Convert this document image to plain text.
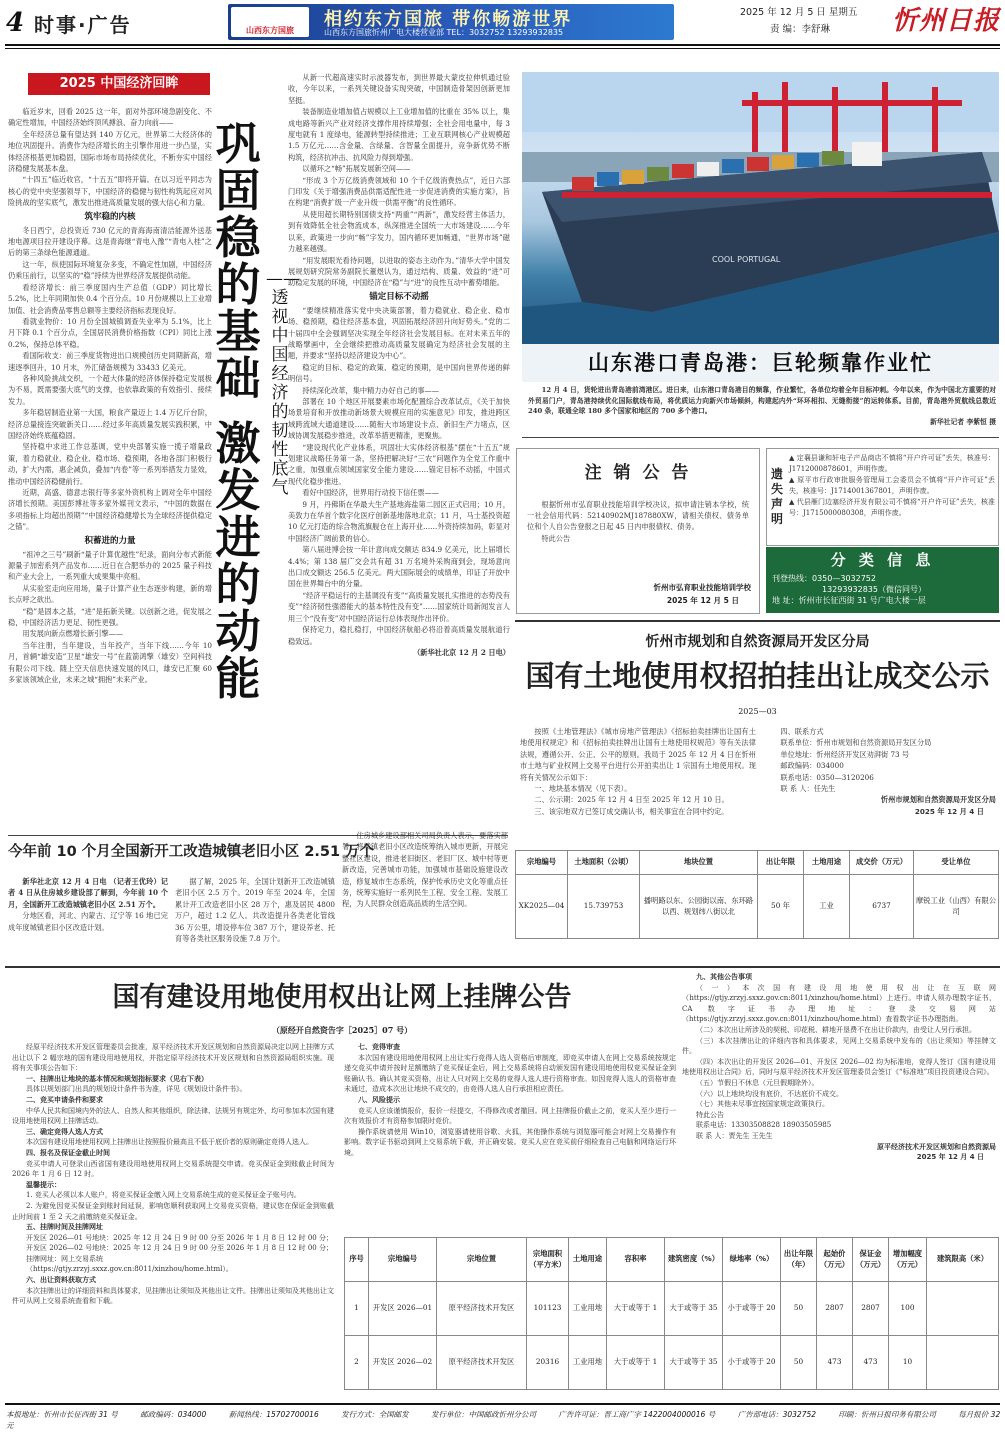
4 时事·广告	山西东方国旅
相约东方国旅 带你畅游世界
山西东方国旅忻州广电大楼营业部 TEL：3032752 13293932835
2025 年 12 月 5 日 星期五
责 编：李舒琳 忻州日报
2025 中国经济回眸
巩固稳的基础
激发进的动能
——透视中国经济的韧性底气

临近岁末，回看 2025 这一年，面对外部环境急剧变化、不确定性增加，中国经济始终顶风搏浪、奋力向前——

全年经济总量有望达到 140 万亿元，世界第二大经济体的地位巩固提升。消费作为经济增长的主引擎作用进一步凸显，实体经济根基更加稳固，国际市场布局持续优化，不断夯实中国经济稳健发展基本盘。

“十四五”临近收官，“十五五”即将开篇。在以习近平同志为核心的党中央坚强领导下，中国经济的稳健与韧性构筑起应对风险挑战的坚实底气，激发出推进高质量发展的强大信心和力量。

筑牢稳的内核

冬日西宁，总投资近 730 亿元的青海海南清洁能源外送基地电源项目拉开建设序幕。这是青海继“青电入豫”“青电入桂”之后的第三条绿色能源通道。

这一年，纵使国际环境复杂多变，不确定性加剧，中国经济仍乘压前行，以坚实的“稳”持续为世界经济发展提供动能。

看经济增长：前三季度国内生产总值（GDP）同比增长 5.2%，比上年同期加快 0.4 个百分点。10 月份规模以上工业增加值、社会消费品零售总额等主要经济指标表现良好。

看就业物价：10 月份全国城镇调查失业率为 5.1%，比上月下降 0.1 个百分点，全国居民消费价格指数（CPI）同比上涨 0.2%，保持总体平稳。

看国际收支：前三季度货物进出口规模创历史同期新高，增速逐季回升，10 月末，外汇储备规模为 33433 亿美元。

各种风险挑战交织，一个超大体量的经济体保持稳定发展极为不易，既需要强大底气的支撑，也依靠政策的有效指引、接续发力。

多年稳居制造业第一大国，粮食产量迈上 1.4 万亿斤台阶，经济总量接连突破新关口……经过多年高质量发展实践积累，中国经济始终底蕴稳固。

坚持稳中求进工作总基调，党中央部署实施一揽子增量政策，着力稳就业、稳企业、稳市场、稳预期，各地各部门积极行动，扩大内需，惠企减负，叠加“内卷”等一系列举措发力显效，推动中国经济稳健前行。

近期，高盛、德意志银行等多家外资机构上调对全年中国经济增长预期。美国彭博社等多家外媒刊文表示，“中国的数据在多项指标上均超出预期”“中国经济稳健增长为全球经济提供稳定之锚”。

积蓄进的力量

“祖冲之三号”刷新“量子计算优越性”纪录，面向分布式新能源量子加密系列产品发布……近日在合肥举办的 2025 量子科技和产业大会上，一系列重大成果集中亮相。

从实验室走向应用场，量子计算产业生态逐步构建，新的增长点呼之欲出。

“稳”是固本之基，“进”是拓新关键。以创新之进，促发展之稳，中国经济活力更足、韧性更强。

用发展向新点燃增长新引擎——

当年注册，当年建设，当年投产，当年下线……今年 10 月，首辆“雄安造”卫星“雄安一号”在蓝箭鸿擎（雄安）空间科技有限公司下线。随上空天信息快速发展的风口，雄安已汇聚 60 多家该领域企业，未来之城“拥抱”未来产业。

从新一代超高速实时示波器发布，到世界最大蒙皮拉伸机通过验收，今年以来，一系列关键设备实现突破，中国制造骨架因创新更加坚挺。

装备制造业增加值占规模以上工业增加值的比重在 35% 以上，集成电路等新兴产业对经济支撑作用持续增强；全社会用电量中，每 3 度电就有 1 度绿电，能源转型持续推进；工业互联网核心产业规模超 1.5 万亿元……含金量、含绿量、含智量全面提升，竞争新优势不断构筑，经济抗冲击、抗风险力得到增强。

以循环之“畅”拓展发展新空间——

“形成 3 个万亿级消费领域和 10 个千亿级消费热点”，近日六部门印发《关于增强消费品供需适配性进一步促进消费的实施方案》，旨在构建“消费扩级一产业升级一供需平衡”的良性循环。

从使用超长期特别国债支持“两重”“两新”，激发经营主体活力，到有效降低全社会物流成本，纵深推进全国统一大市场建设……今年以来，政策进一步向“畅”字发力，国内循环更加畅通，“世界市场”磁力越来越强。

“用发展眼光看待问题，以进取的姿态主动作为。”清华大学中国发展规划研究院常务副院长董煜认为，通过结构、质量、效益的“进”可助稳定发展的环境，中国经济在“稳”与“进”的良性互动中蓄势增能。

锚定目标不动摇

“要继续精准落实党中央决策部署，着力稳就业、稳企业、稳市场、稳预期，稳住经济基本盘，巩固拓展经济回升向好势头。”党的二十届四中全会强调坚决实现全年经济社会发展目标。在对未来五年的战略擘画中，全会继续把推动高质量发展确定为经济社会发展的主题，并要求“坚持以经济建设为中心”。

稳定的目标、稳定的政策、稳定的预期，是中国向世界传递的鲜明信号。

持续深化改革，集中精力办好自己的事——

部署在 10 个地区开展要素市场化配置综合改革试点，《关于加快场景培育和开放推动新场景大规模应用的实施意见》印发，推进跨区域跨流域大通道建设……随衔大市场建设卡点、新旧生产力堵点，区域协调发展稳步推进，改革举措更精准，更聚焦。

“建设现代化产业体系，巩固壮大实体经济根基”摆在“十五五”规划建议战略任务第一条，坚持把解决好“三农”问题作为全党工作重中之重，加强重点领域国家安全能力建设……锚定目标不动摇，中国式现代化稳步推进。

看好中国经济，世界用行动投下信任票——

9 月，丹佛斯在华最大生产基地海盐第二园区正式启用；10 月，美敦力在华首个数字化医疗创新基地落地北京；11 月，马士基投资超 10 亿元打造的综合物流旗舰仓在上海开业……外资持续加码，彰显对中国经济广阔前景的信心。

第八届进博会按一年计意向成交额达 834.9 亿美元，比上届增长 4.4%；第 138 届广交会共有超 31 万名境外采购商到会，现场意向出口成交额达 256.5 亿美元。两大国际展会的成绩单，印证了开放中国在世界舞台中的分量。

“经济平稳运行的主基调没有变”“高质量发展扎实推进的态势没有变”“经济韧性强潜能大的基本特性没有变”……国家统计局新闻发言人用三个“没有变”对中国经济运行总体表现作出评价。

保持定力，稳扎稳打，中国经济航船必将沿着高质量发展航道行稳致远。

（新华社北京 12 月 2 日电）
COOL PORTUGAL
山东港口青岛港：巨轮频靠作业忙

12 月 4 日，货轮进出青岛港前湾港区。进日来，山东港口青岛港目的频靠，作业繁忙，各单位均着全年目标冲刺。今年以来，作为中国北方重要的对外贸易门户，青岛港持续优化国际航线布局，将优质运力向新兴市场倾斜，构建起内外“环环相扣、无缝衔接”的运转体系。目前，青岛港外贸航线总数近 240 条，联通全球 180 多个国家和地区的 700 多个港口。

新华社记者 李紫恒 摄
注 销 公 告

根据忻州市弘育职业技能培训学校决议，拟申请注销本学校，统一社会信用代码：52140902MJ187880XW，请相关债权、债务单位和个人自公告登报之日起 45 日内申报债权、债务。

特此公告

忻州市弘育职业技能培训学校
2025 年 12 月 5 日
遗失声明

▲ 定襄县谦和轩电子产品商店不慎将“开户许可证”丢失，核准号：J1712000878601，声明作废。

▲ 原平市行政审批服务管理局工会委员会不慎将“开户许可证”丢失，核准号：J1714001367801，声明作废。

▲ 代县雁门边塞经济开发有限公司不慎将“开户许可证”丢失，核准号：J1715000080308，声明作废。

分 类 信 息
刊登热线：0350—3032752
13293932835（微信同号）
地 址：忻州市长征西街 31 号广电大楼一层
忻州市规划和自然资源局开发区分局
国有土地使用权招拍挂出让成交公示
2025—03

按照《土地管理法》《城市房地产管理法》《招标拍卖挂牌出让国有土地使用权规定》和《招标拍卖挂牌出让国有土地使用权规范》等有关法律法规，遵循公开、公正、公平的原则。我局于 2025 年 12 月 4 日在忻州市土地与矿业权网上交易平台进行公开拍卖出让 1 宗国有土地使用权。现将有关情况公示如下：

一、地块基本情况（见下表）。

二、公示期：2025 年 12 月 4 日至 2025 年 12 月 10 日。

三、该宗地双方已签订成交确认书，相关事宜在合同中约定。

四、联系方式

联系单位：忻州市规划和自然资源局开发区分局

单位地址：忻州经济开发区劝湃街 73 号

邮政编码：034000

联系电话：0350—3120206

联 系 人：任先生

忻州市规划和自然资源局开发区分局
2025 年 12 月 4 日
宗地编号	土地面积（公顷）	地块位置	出让年限	土地用途	成交价（万元）	受让单位
XK2025—04	15.739753	播明路以东、公园街以南、东环路以西、规划纬八街以北	50 年	工业	6737	摩锐工业（山西）有限公司
今年前 10 个月全国新开工改造城镇老旧小区 2.51 万个

新华社北京 12 月 4 日电 （记者王优玲）记者 4 日从住房城乡建设部了解到，今年前 10 个月，全国新开工改造城镇老旧小区 2.51 万个。

分地区看，河北、内蒙古、辽宁等 16 地已完成年度城镇老旧小区改造计划。

据了解，2025 年，全国计划新开工改造城镇老旧小区 2.5 万个。2019 年至 2024 年，全国累计开工改造老旧小区 28 万个，惠及居民 4800 万户，超过 1.2 亿人。共改造提升各类老化管线 36 万公里，增设停车位 387 万个，建设养老、托育等各类社区服务设施 7.8 万个。

住房城乡建设部相关司局负责人表示，要落实部署，将城镇老旧小区改造统筹纳入城市更新，开展完整社区建设，推进老旧街区、老旧厂区、城中村等更新改造，完善城市功能，加强城市基础设施建设改造，修复城市生态系统，保护传承历史文化等重点任务，统筹实施好一系列民生工程、安全工程、发展工程，为人民群众创造高品质的生活空间。

国有建设用地使用权出让网上挂牌公告
（原经开自然资告字［2025］07 号）

经原平经济技术开发区管理委员会批准，原平经济技术开发区规划和自然资源局决定以网上挂牌方式出让以下 2 幅宗地的国有建设用地使用权，并指定原平经济技术开发区规划和自然资源局组织实施。现将有关事项公告如下：

一、挂牌出让地块的基本情况和规划指标要求（见右下表）

具体以规划部门出具的规划设计条件书为准，详见《规划设计条件书》。

二、竞买申请条件和要求

中华人民共和国境内外的法人、自然人和其他组织，除法律、法规另有规定外，均可参加本次国有建设用地使用权网上挂牌活动。

三、确定竞得人选人方式

本次国有建设用地使用权网上挂牌出让按照报价最高且不低于底价者的原则确定竞得人选人。

四、报名及保证金截止时间

竞买申请人可登录山西省国有建设用地使用权网上交易系统提交申请。竞买保证金到账截止时间为 2026 年 1 月 6 日 12 时。

温馨提示：

1. 竞买人必须以本人账户，将竞买保证金缴入网上交易系统生成的竞买保证金子账号内。

2. 为避免因竞买保证金到账时间延误，影响您顺利获取网上交易竞买资格，建议您在保证金到账截止时间前 1 至 2 天之前缴纳竞买保证金。

五、挂牌时间及挂牌网址

开发区 2026—01 号地块：2025 年 12 月 24 日 9 时 00 分至 2026 年 1 月 8 日 12 时 00 分；

开发区 2026—02 号地块：2025 年 12 月 24 日 9 时 00 分至 2026 年 1 月 8 日 12 时 00 分；

挂牌网址：网上交易系统

（https://gtjy.zrzyj.sxxz.gov.cn:8011/xinzhou/home.html）。

六、出让资料获取方式

本次挂牌出让的详细资料和具体要求，见挂牌出让须知及其他出让文件。挂牌出让须知及其他出让文件可从网上交易系统查看和下载。

七、竞得审查

本次国有建设用地使用权网上出让实行竞得人选人资格后审制度，即竞买申请人在网上交易系统按规定递交竞买申请并按时足额缴纳了竞买保证金后，网上交易系统将自动颁发国有建设用地使用权竞买保证金到账确认书。确认其竞买资格，出让人只对网上交易的竞得人选人进行资格审查。如因竞得人选人的资格审查未通过，造成本次出让地块不成交的，由竞得人选人自行承担相应责任。

八、风险提示

竞买人应该谨慎报价，报价一经提交，不得修改或者撤回。网上挂牌报价截止之前，竞买人至少进行一次有效报价才有资格参加限时竞价。

操作系统请使用 Win10，浏览器请使用谷歌、火狐，其他操作系统与浏览器可能会对网上交易操作有影响。数字证书驱动到网上交易系统下载，并正确安装。竞买人应在竞买前仔细检查自己电脑和网络运行环境。

九、其他公告事项

（一）本次国有建设用地使用权出让在互联网（https://gtjy.zrzyj.sxxz.gov.cn:8011/xinzhou/home.html）上进行。申请人须办理数字证书，CA 数字证书办理地址：登录交易网站（https://gtjy.zrzyj.sxxz.gov.cn:8011/xinzhou/home.html）查看数字证书办理指南。

（二）本次出让所涉及的契税、印花税、耕地开垦费不在出让价款内，由受让人另行承担。

（三）本次挂牌出让的详细内容和具体要求，见网上交易系统中发布的《出让须知》等挂牌文件。

（四）本次出让的开发区 2026—01、开发区 2026—02 均为标准地，竞得人签订《国有建设用地使用权出让合同》后，同时与原平经济技术开发区管理委员会签订《“标准地”项目投资建设合同》。

（五）节假日不休息（元旦假期除外）。

（六）以上地块均没有底价，不达底价不成交。

（七）其他未尽事宜按国家规定政策执行。

特此公告

联系电话：13303508828 18903505985

联 系 人：贾先生 王先生

原平经济技术开发区规划和自然资源局
2025 年 12 月 4 日
序号	宗地编号	宗地位置	宗地面积（平方米）	土地用途	容积率	建筑密度（%）	绿地率（%）	出让年限（年）	起始价（万元）	保证金（万元）	增加幅度（万元）	建筑限高（米）
1	开发区 2026—01	原平经济技术开发区	101123	工业用地	大于或等于 1	大于或等于 35	小于或等于 20	50	2807	2807	100	
2	开发区 2026—02	原平经济技术开发区	20316	工业用地	大于或等于 1	大于或等于 35	小于或等于 20	50	473	473	10	
本报地址：忻州市长征西街 31 号	邮政编码：034000	新闻热线：15702700016	发行方式：全国邮发	发行单位：中国邮政忻州分公司	广告许可证：晋工商广字 1422004000016 号	广告部电话：3032752	印刷：忻州日报印务有限公司	每月报价 32 元
